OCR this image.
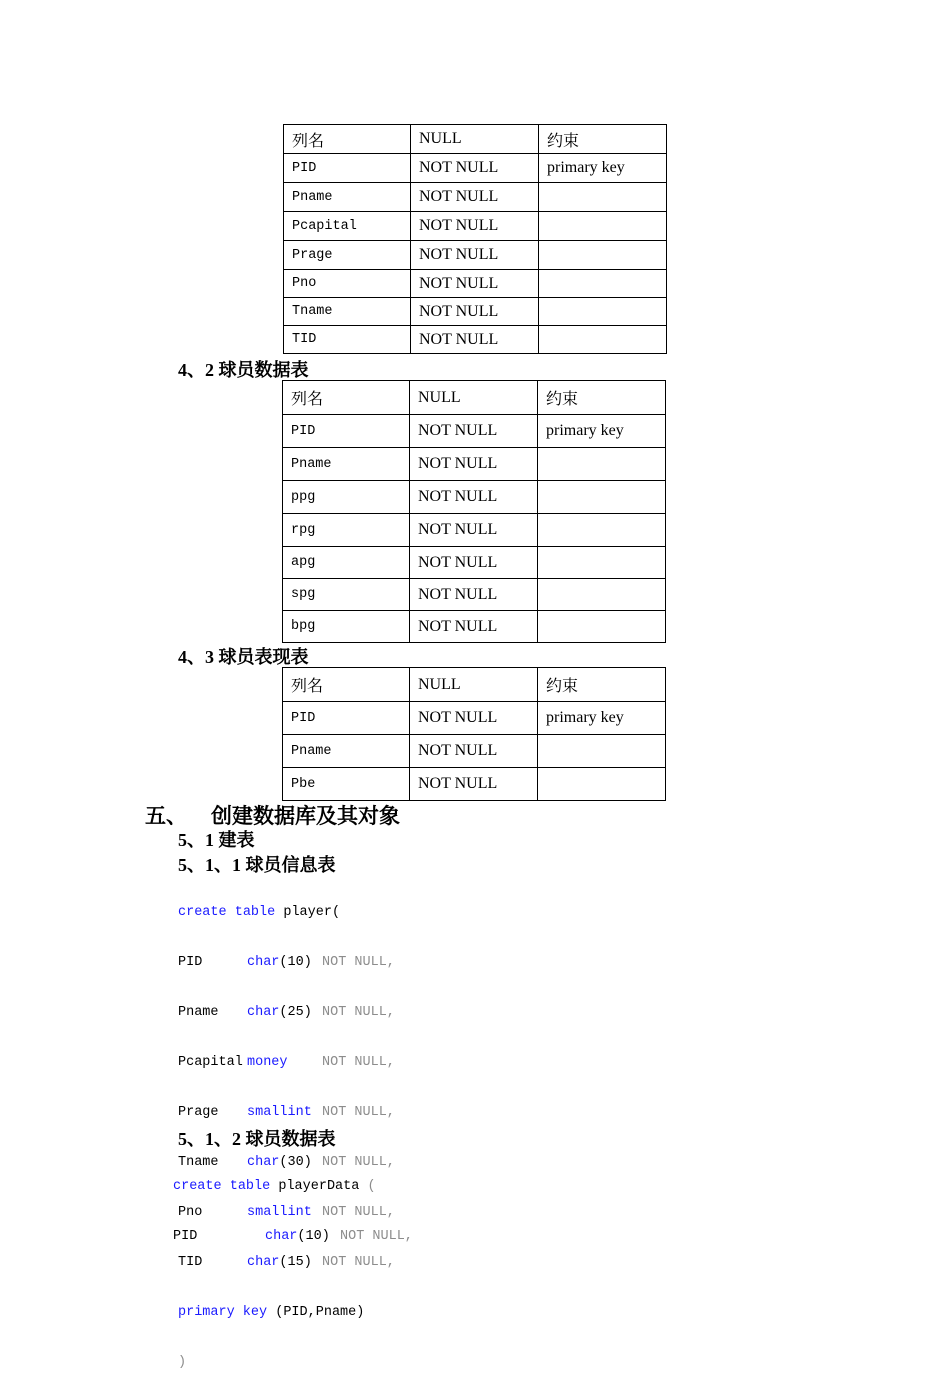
列名	NULL	约束
PID	NOT NULL	primary key
Pname	NOT NULL	
Pcapital	NOT NULL	
Prage	NOT NULL	
Pno	NOT NULL	
Tname	NOT NULL	
TID	NOT NULL	
4、2 球员数据表
列名	NULL	约束
PID	NOT NULL	primary key
Pname	NOT NULL	
ppg	NOT NULL	
rpg	NOT NULL	
apg	NOT NULL	
spg	NOT NULL	
bpg	NOT NULL	
4、3 球员表现表
列名	NULL	约束
PID	NOT NULL	primary key
Pname	NOT NULL	
Pbe	NOT NULL	
五、 创建数据库及其对象
5、1 建表
5、1、1 球员信息表

create table player(

PID	char(10) NOT NULL,

Pname char(25) NOT NULL,

Pcapital money	NOT NULL,

Prage smallint NOT NULL,

Tname char(30) NOT NULL,

Pno	smallint NOT NULL,

TID	char(15) NOT NULL,

primary key (PID,Pname)

)

5、1、2 球员数据表

create table playerData (

PID	char(10) NOT NULL,
